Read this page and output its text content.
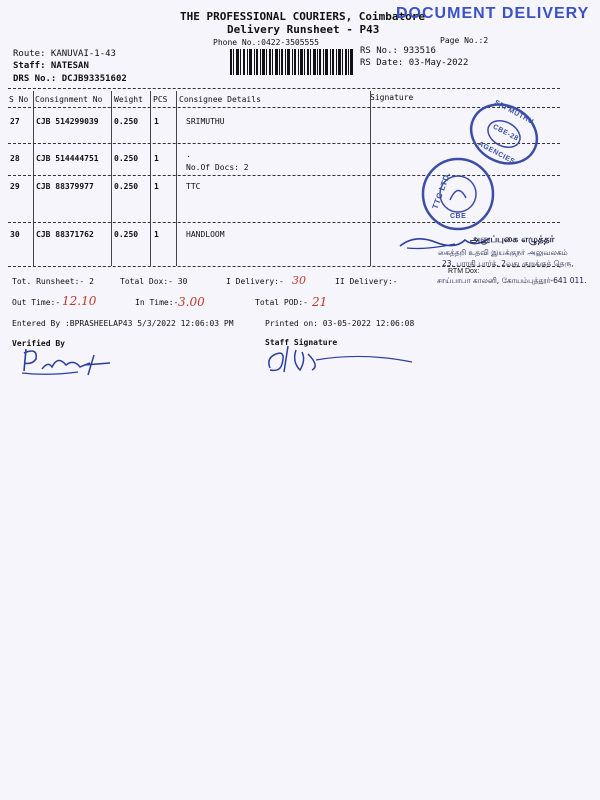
THE PROFESSIONAL COURIERS, Coimbatore
DOCUMENT DELIVERY
Delivery Runsheet - P43
Phone No.:0422-3505555	Page No.:2
Route: KANUVAI-1-43
Staff: NATESAN
DRS No.: DCJB93351602
RS No.: 933516
RS Date: 03-May-2022
S No Consignment No Weight PCS Consignee Details	Signature
27 CJB 514299039 0.250 1	SRIMUTHU
28 CJB 514444751 0.250 1	.
No.Of Docs: 2
29 CJB 88379977	0.250 1	TTC
30 CJB 88371762	0.250 1	HANDLOOM
SRI MUTHU
CBE-28
AGENCIES
TTC LTD.
CBE
அனுப்புகை எழுத்தர்
கைத்தறி உதவி இயக்குநர் அலுவலகம்
23, பாரதி பார்க், 2வது குறுக்குத் தெரு,
RTM Dox:
சாய்பாபா காலனி, கோயம்புத்தூர்-641 011.
Tot. Runsheet:- 2	Total Dox:- 30	I Delivery:- 30	II Delivery:-
Out Time:- 12.10	In Time:- 3.00	Total POD:- 21
Entered By :BPRASHEELAP43 5/3/2022 12:06:03 PM	Printed on: 03-05-2022 12:06:08
Verified By	Staff Signature
